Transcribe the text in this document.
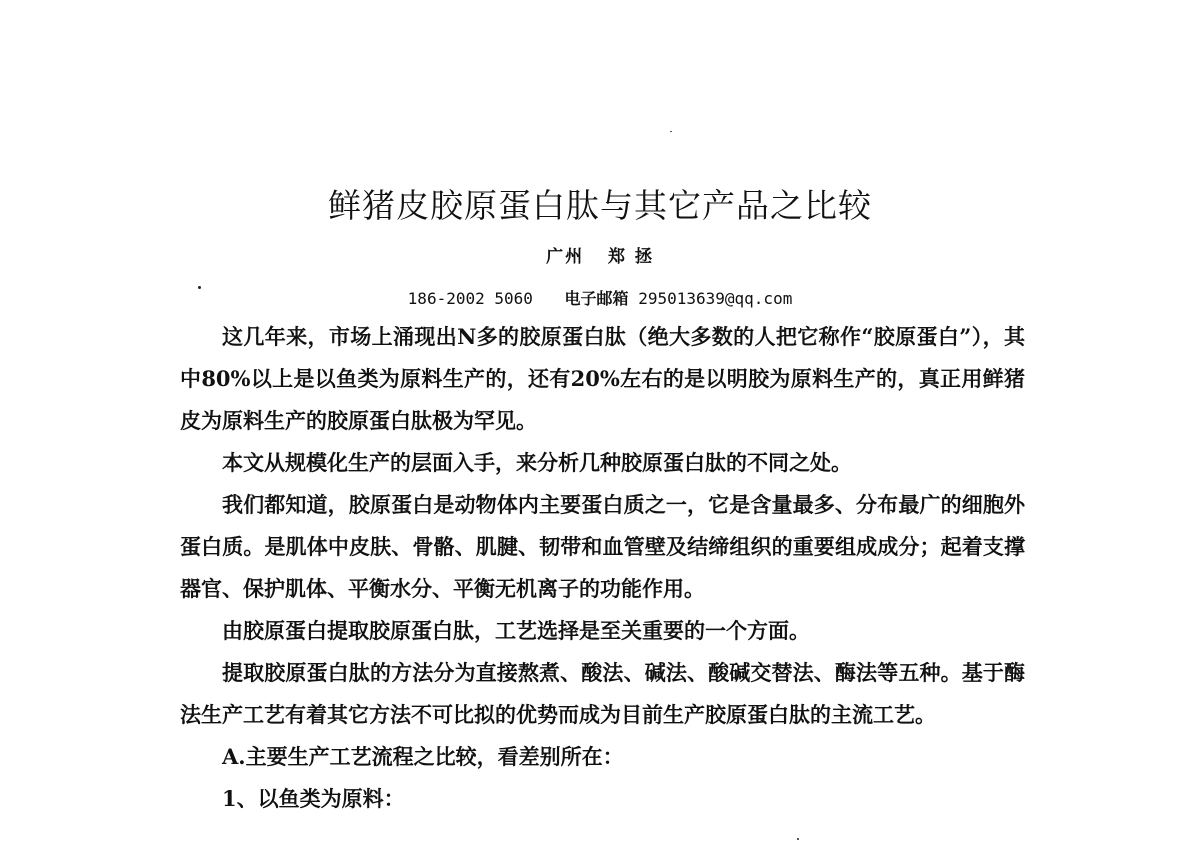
鲜猪皮胶原蛋白肽与其它产品之比较
广州 郑 拯
186-2002 5060 电子邮箱 295013639@qq.com

这几年来，市场上涌现出N多的胶原蛋白肽（绝大多数的人把它称作“胶原蛋白”），其中80%以上是以鱼类为原料生产的，还有20%左右的是以明胶为原料生产的，真正用鲜猪皮为原料生产的胶原蛋白肽极为罕见。

本文从规模化生产的层面入手，来分析几种胶原蛋白肽的不同之处。

我们都知道，胶原蛋白是动物体内主要蛋白质之一，它是含量最多、分布最广的细胞外蛋白质。是肌体中皮肤、骨骼、肌腱、韧带和血管壁及结缔组织的重要组成成分；起着支撑器官、保护肌体、平衡水分、平衡无机离子的功能作用。

由胶原蛋白提取胶原蛋白肽，工艺选择是至关重要的一个方面。

提取胶原蛋白肽的方法分为直接熬煮、酸法、碱法、酸碱交替法、酶法等五种。基于酶法生产工艺有着其它方法不可比拟的优势而成为目前生产胶原蛋白肽的主流工艺。

A.主要生产工艺流程之比较，看差别所在：

1、以鱼类为原料：
